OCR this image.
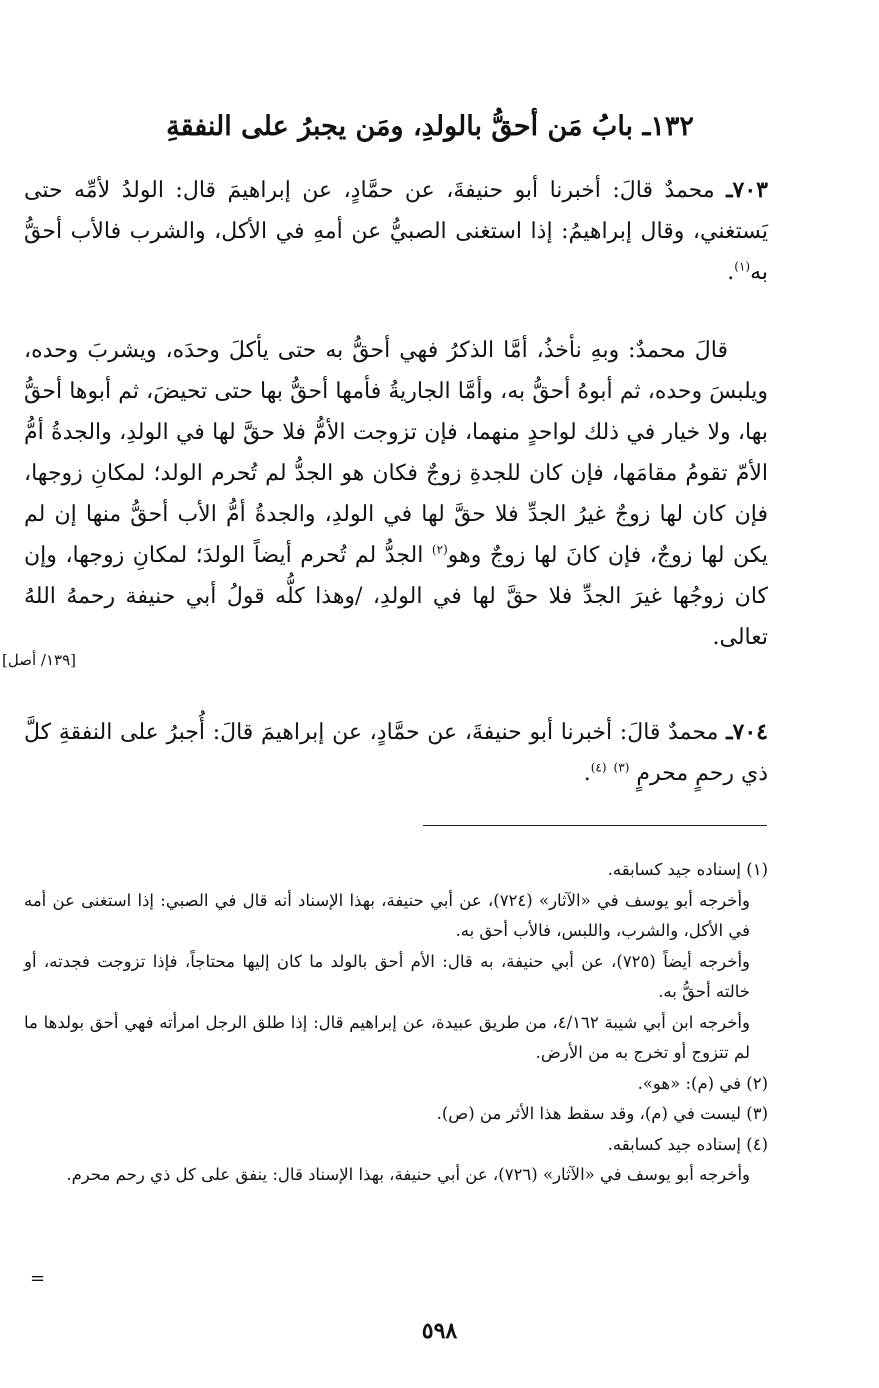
١٣٢ـ بابُ مَن أحقُّ بالولدِ، ومَن يجبرُ على النفقةِ

٧٠٣ـ محمدٌ قالَ: أخبرنا أبو حنيفةَ، عن حمَّادٍ، عن إبراهيمَ قال: الولدُ لأمِّه حتى يَستغني، وقال إبراهيمُ: إذا استغنى الصبيُّ عن أمهِ في الأكل، والشرب فالأب أحقُّ به$^{(١)}$.

قالَ محمدٌ: وبهِ نأخذُ، أمَّا الذكرُ فهي أحقُّ به حتى يأكلَ وحدَه، ويشربَ وحده، ويلبسَ وحده، ثم أبوهُ أحقُّ به، وأمَّا الجاريةُ فأمها أحقُّ بها حتى تحيضَ، ثم أبوها أحقُّ بها، ولا خيار في ذلك لواحدٍ منهما، فإن تزوجت الأمُّ فلا حقَّ لها في الولدِ، والجدةُ أمُّ الأمّ تقومُ مقامَها، فإن كان للجدةِ زوجٌ فكان هو الجدُّ لم تُحرم الولد؛ لمكانِ زوجها، فإن كان لها زوجٌ غيرُ الجدِّ فلا حقَّ لها في الولدِ، والجدةُ أمُّ الأب أحقُّ منها إن لم يكن لها زوجٌ، فإن كانَ لها زوجٌ وهو$^{(٢)}$ الجدُّ لم تُحرم أيضاً الولدَ؛ لمكانِ زوجها، وإن كان زوجُها غيرَ الجدِّ فلا حقَّ لها في الولدِ، /وهذا كلُّه قولُ أبي حنيفة رحمهُ اللهُ تعالى.

[١٣٩/ أصل]

٧٠٤ـ محمدٌ قالَ: أخبرنا أبو حنيفةَ، عن حمَّادٍ، عن إبراهيمَ قالَ: أُجبرُ على النفقةِ كلَّ ذي رحمٍ محرمٍ $^{(٣)}$ $^{(٤)}$.

(١) إسناده جيد كسابقه.

وأخرجه أبو يوسف في «الآثار» (٧٢٤)، عن أبي حنيفة، بهذا الإسناد أنه قال في الصبي: إذا استغنى عن أمه في الأكل، والشرب، واللبس، فالأب أحق به.

وأخرجه أيضاً (٧٢٥)، عن أبي حنيفة، به قال: الأم أحق بالولد ما كان إليها محتاجاً، فإذا تزوجت فجدته، أو خالته أحقُّ به.

وأخرجه ابن أبي شيبة ٤/١٦٢، من طريق عبيدة، عن إبراهيم قال: إذا طلق الرجل امرأته فهي أحق بولدها ما لم تتزوج أو تخرج به من الأرض.

(٢) في (م): «هو».

(٣) ليست في (م)، وقد سقط هذا الأثر من (ص).

(٤) إسناده جيد كسابقه.

وأخرجه أبو يوسف في «الآثار» (٧٢٦)، عن أبي حنيفة، بهذا الإسناد قال: ينفق على كل ذي رحم محرم.

=
٥٩٨
